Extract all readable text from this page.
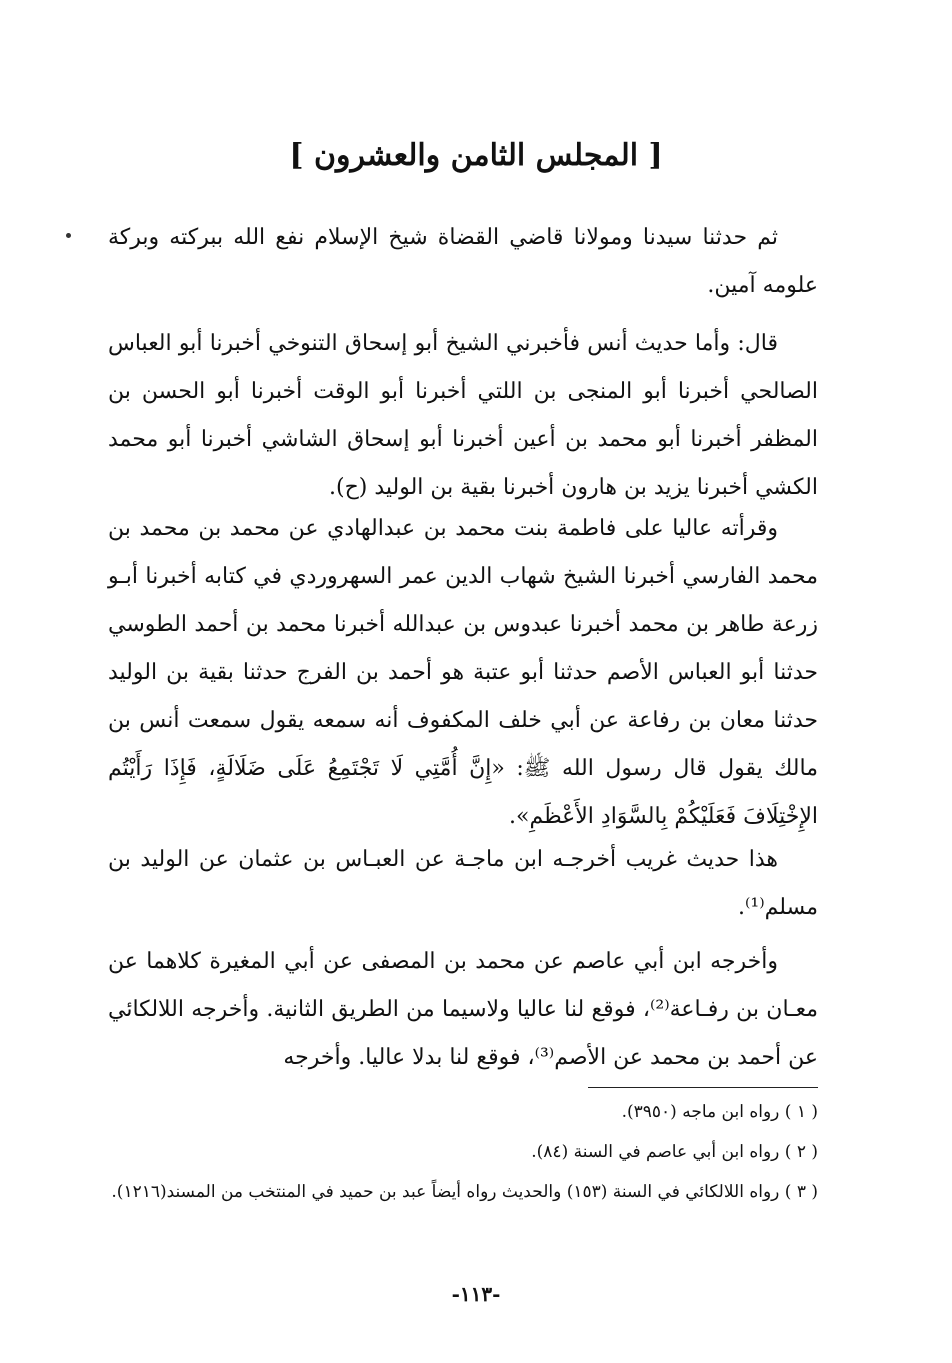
[ المجلس الثامن والعشرون ]

ثم حدثنا سيدنا ومولانا قاضي القضاة شيخ الإسلام نفع الله ببركته وبركة علومه آمين.

قال: وأما حديث أنس فأخبرني الشيخ أبو إسحاق التنوخي أخبرنا أبو العباس الصالحي أخبرنا أبو المنجى بن اللتي أخبرنا أبو الوقت أخبرنا أبو الحسن بن المظفر أخبرنا أبو محمد بن أعين أخبرنا أبو إسحاق الشاشي أخبرنا أبو محمد الكشي أخبرنا يزيد بن هارون أخبرنا بقية بن الوليد (ح).

وقرأته عاليا على فاطمة بنت محمد بن عبدالهادي عن محمد بن محمد بن محمد الفارسي أخبرنا الشيخ شهاب الدين عمر السهروردي في كتابه أخبرنا أبـو زرعة طاهر بن محمد أخبرنا عبدوس بن عبدالله أخبرنا محمد بن أحمد الطوسي حدثنا أبو العباس الأصم حدثنا أبو عتبة هو أحمد بن الفرج حدثنا بقية بن الوليد حدثنا معان بن رفاعة عن أبي خلف المكفوف أنه سمعه يقول سمعت أنس بن مالك يقول قال رسول الله ﷺ: «إِنَّ أُمَّتِي لَا تَجْتَمِعُ عَلَى ضَلَالَةٍ، فَإِذَا رَأَيْتُم الإِخْتِلَافَ فَعَلَيْكُمْ بِالسَّوَادِ الأَعْظَمِ».

هذا حديث غريب أخرجـه ابن ماجـة عن العبـاس بن عثمان عن الوليد بن مسلم⁽¹⁾.

وأخرجه ابن أبي عاصم عن محمد بن المصفى عن أبي المغيرة كلاهما عن معـان بن رفـاعة⁽²⁾، فوقع لنا عاليا ولاسيما من الطريق الثانية. وأخرجه اللالكائي عن أحمد بن محمد عن الأصم⁽³⁾، فوقع لنا بدلا عاليا. وأخرجه

( ١ ) رواه ابن ماجه (٣٩٥٠).

( ٢ ) رواه ابن أبي عاصم في السنة (٨٤).

( ٣ ) رواه اللالكائي في السنة (١٥٣) والحديث رواه أيضاً عبد بن حميد في المنتخب من المسند(١٢١٦).

-١١٣-
